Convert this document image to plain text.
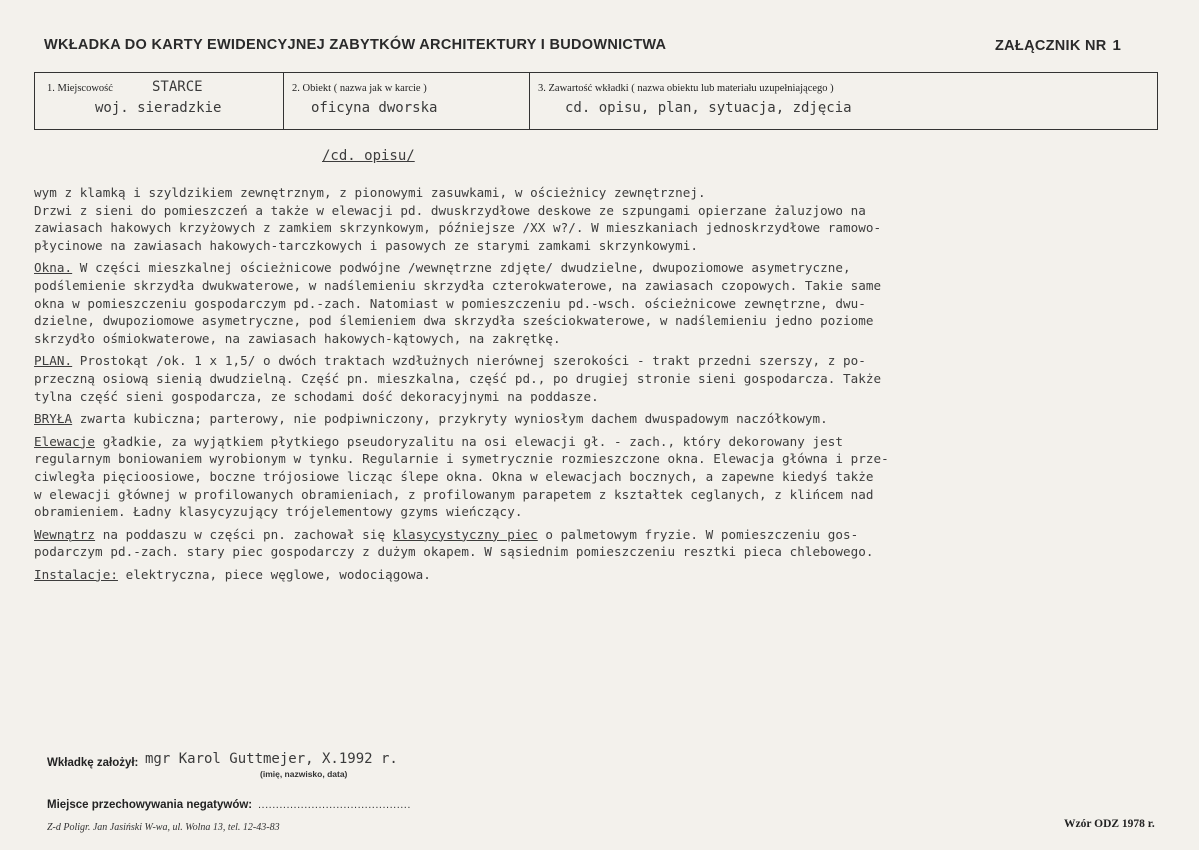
WKŁADKA DO KARTY EWIDENCYJNEJ ZABYTKÓW ARCHITEKTURY I BUDOWNICTWA	ZAŁĄCZNIK NR 1
1. Miejscowość	STARCE
woj. sieradzkie
2. Obiekt ( nazwa jak w karcie )
oficyna dworska
3. Zawartość wkładki ( nazwa obiektu lub materiału uzupełniającego )
cd. opisu, plan, sytuacja, zdjęcia
/cd. opisu/

wym z klamką i szyldzikiem zewnętrznym, z pionowymi zasuwkami, w ościeżnicy zewnętrznej.

Drzwi z sieni do pomieszczeń a także w elewacji pd. dwuskrzydłowe deskowe ze szpungami opierzane żaluzjowo na

zawiasach hakowych krzyżowych z zamkiem skrzynkowym, późniejsze /XX w?/. W mieszkaniach jednoskrzydłowe ramowo-

płycinowe na zawiasach hakowych-tarczkowych i pasowych ze starymi zamkami skrzynkowymi.

Okna. W części mieszkalnej ościeżnicowe podwójne /wewnętrzne zdjęte/ dwudzielne, dwupoziomowe asymetryczne,

podślemienie skrzydła dwukwaterowe, w nadślemieniu skrzydła czterokwaterowe, na zawiasach czopowych. Takie same

okna w pomieszczeniu gospodarczym pd.-zach. Natomiast w pomieszczeniu pd.-wsch. ościeżnicowe zewnętrzne, dwu-

dzielne, dwupoziomowe asymetryczne, pod ślemieniem dwa skrzydła sześciokwaterowe, w nadślemieniu jedno poziome

skrzydło ośmiokwaterowe, na zawiasach hakowych-kątowych, na zakrętkę.

PLAN. Prostokąt /ok. 1 x 1,5/ o dwóch traktach wzdłużnych nierównej szerokości - trakt przedni szerszy, z po-

przeczną osiową sienią dwudzielną. Część pn. mieszkalna, część pd., po drugiej stronie sieni gospodarcza. Także

tylna część sieni gospodarcza, ze schodami dość dekoracyjnymi na poddasze.

BRYŁA zwarta kubiczna; parterowy, nie podpiwniczony, przykryty wyniosłym dachem dwuspadowym naczółkowym.

Elewacje gładkie, za wyjątkiem płytkiego pseudoryzalitu na osi elewacji gł. - zach., który dekorowany jest

regularnym boniowaniem wyrobionym w tynku. Regularnie i symetrycznie rozmieszczone okna. Elewacja główna i prze-

ciwległa pięcioosiowe, boczne trójosiowe licząc ślepe okna. Okna w elewacjach bocznych, a zapewne kiedyś także

w elewacji głównej w profilowanych obramieniach, z profilowanym parapetem z kształtek ceglanych, z klińcem nad

obramieniem. Ładny klasycyzujący trójelementowy gzyms wieńczący.

Wewnątrz na poddaszu w części pn. zachował się klasycystyczny piec o palmetowym fryzie. W pomieszczeniu gos-

podarczym pd.-zach. stary piec gospodarczy z dużym okapem. W sąsiednim pomieszczeniu resztki pieca chlebowego.

Instalacje: elektryczna, piece węglowe, wodociągowa.

Wkładkę założył: mgr Karol Guttmejer, X.1992 r.
(imię, nazwisko, data)
Miejsce przechowywania negatywów: ...........................................
Z-d Poligr. Jan Jasiński W-wa, ul. Wolna 13, tel. 12-43-83	Wzór ODZ 1978 r.
